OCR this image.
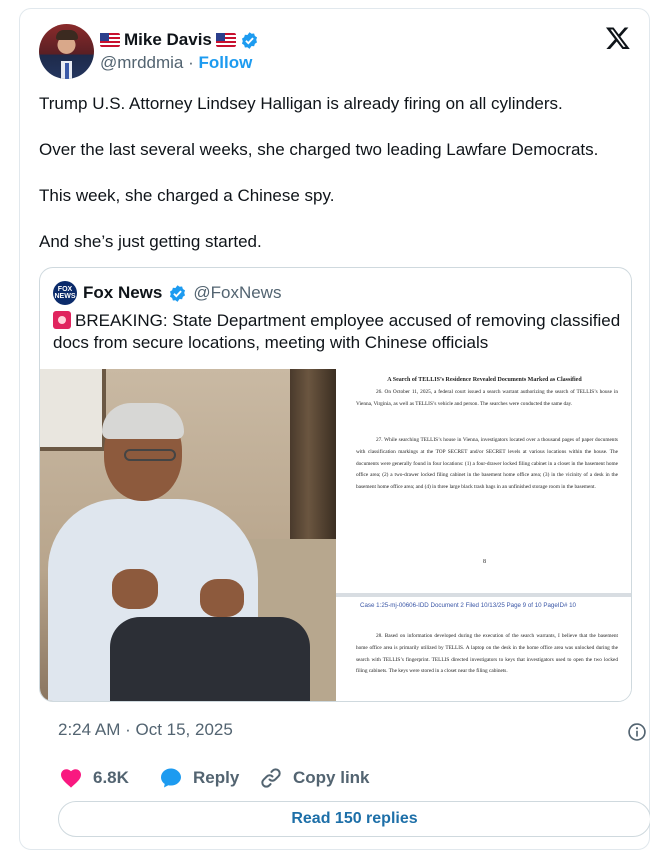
Mike Davis
@mrddmia · Follow

Trump U.S. Attorney Lindsey Halligan is already firing on all cylinders.

Over the last several weeks, she charged two leading Lawfare Democrats.

This week, she charged a Chinese spy.

And she’s just getting started.

FOX NEWS Fox News @FoxNews
BREAKING: State Department employee accused of removing classified docs from secure locations, meeting with Chinese officials
A Search of TELLIS’s Residence Revealed Documents Marked as Classified
26. On October 11, 2025, a federal court issued a search warrant authorizing the search of TELLIS’s house in Vienna, Virginia, as well as TELLIS’s vehicle and person. The searches were conducted the same day.
27. While searching TELLIS’s house in Vienna, investigators located over a thousand pages of paper documents with classification markings at the TOP SECRET and/or SECRET levels at various locations within the house. The documents were generally found in four locations: (1) a four-drawer locked filing cabinet in a closet in the basement home office area; (2) a two-drawer locked filing cabinet in the basement home office area; (3) in the vicinity of a desk in the basement home office area; and (4) in three large black trash bags in an unfinished storage room in the basement.
8
Case 1:25-mj-00606-IDD Document 2 Filed 10/13/25 Page 9 of 10 PageID# 10
28. Based on information developed during the execution of the search warrants, I believe that the basement home office area is primarily utilized by TELLIS. A laptop on the desk in the home office area was unlocked during the search with TELLIS’s fingerprint. TELLIS directed investigators to keys that investigators used to open the two locked filing cabinets. The keys were stored in a closet near the filing cabinets.
2:24 AM · Oct 15, 2025
6.8K	Reply	Copy link
Read 150 replies
